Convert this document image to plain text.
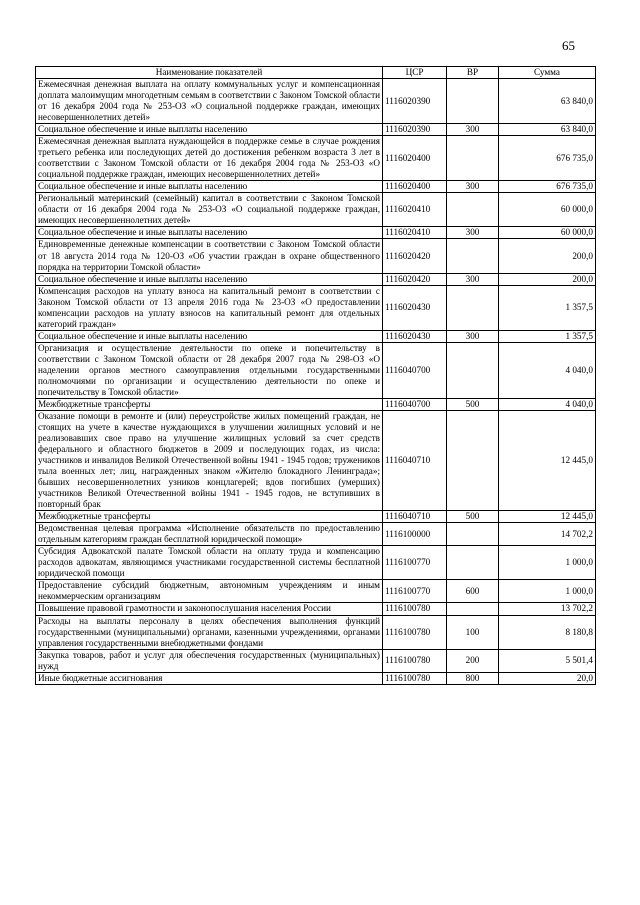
65
Наименование показателей	ЦСР	ВР	Сумма
Ежемесячная денежная выплата на оплату коммунальных услуг и компенсационная доплата малоимущим многодетным семьям в соответствии с Законом Томской области от 16 декабря 2004 года № 253-ОЗ «О социальной поддержке граждан, имеющих несовершеннолетних детей»	1116020390		63 840,0
Социальное обеспечение и иные выплаты населению	1116020390	300	63 840,0
Ежемесячная денежная выплата нуждающейся в поддержке семье в случае рождения третьего ребенка или последующих детей до достижения ребенком возраста 3 лет в соответствии с Законом Томской области от 16 декабря 2004 года № 253-ОЗ «О социальной поддержке граждан, имеющих несовершеннолетних детей»	1116020400		676 735,0
Социальное обеспечение и иные выплаты населению	1116020400	300	676 735,0
Региональный материнский (семейный) капитал в соответствии с Законом Томской области от 16 декабря 2004 года № 253-ОЗ «О социальной поддержке граждан, имеющих несовершеннолетних детей»	1116020410		60 000,0
Социальное обеспечение и иные выплаты населению	1116020410	300	60 000,0
Единовременные денежные компенсации в соответствии с Законом Томской области от 18 августа 2014 года № 120-ОЗ «Об участии граждан в охране общественного порядка на территории Томской области»	1116020420		200,0
Социальное обеспечение и иные выплаты населению	1116020420	300	200,0
Компенсация расходов на уплату взноса на капитальный ремонт в соответствии с Законом Томской области от 13 апреля 2016 года № 23-ОЗ «О предоставлении компенсации расходов на уплату взносов на капитальный ремонт для отдельных категорий граждан»	1116020430		1 357,5
Социальное обеспечение и иные выплаты населению	1116020430	300	1 357,5
Организация и осуществление деятельности по опеке и попечительству в соответствии с Законом Томской области от 28 декабря 2007 года № 298-ОЗ «О наделении органов местного самоуправления отдельными государственными полномочиями по организации и осуществлению деятельности по опеке и попечительству в Томской области»	1116040700		4 040,0
Межбюджетные трансферты	1116040700	500	4 040,0
Оказание помощи в ремонте и (или) переустройстве жилых помещений граждан, не стоящих на учете в качестве нуждающихся в улучшении жилищных условий и не реализовавших свое право на улучшение жилищных условий за счет средств федерального и областного бюджетов в 2009 и последующих годах, из числа: участников и инвалидов Великой Отечественной войны 1941 - 1945 годов; тружеников тыла военных лет; лиц, награжденных знаком «Жителю блокадного Ленинграда»; бывших несовершеннолетних узников концлагерей; вдов погибших (умерших) участников Великой Отечественной войны 1941 - 1945 годов, не вступивших в повторный брак	1116040710		12 445,0
Межбюджетные трансферты	1116040710	500	12 445,0
Ведомственная целевая программа «Исполнение обязательств по предоставлению отдельным категориям граждан бесплатной юридической помощи»	1116100000		14 702,2
Субсидия Адвокатской палате Томской области на оплату труда и компенсацию расходов адвокатам, являющимся участниками государственной системы бесплатной юридической помощи	1116100770		1 000,0
Предоставление субсидий бюджетным, автономным учреждениям и иным некоммерческим организациям	1116100770	600	1 000,0
Повышение правовой грамотности и законопослушания населения России	1116100780		13 702,2
Расходы на выплаты персоналу в целях обеспечения выполнения функций государственными (муниципальными) органами, казенными учреждениями, органами управления государственными внебюджетными фондами	1116100780	100	8 180,8
Закупка товаров, работ и услуг для обеспечения государственных (муниципальных) нужд	1116100780	200	5 501,4
Иные бюджетные ассигнования	1116100780	800	20,0
